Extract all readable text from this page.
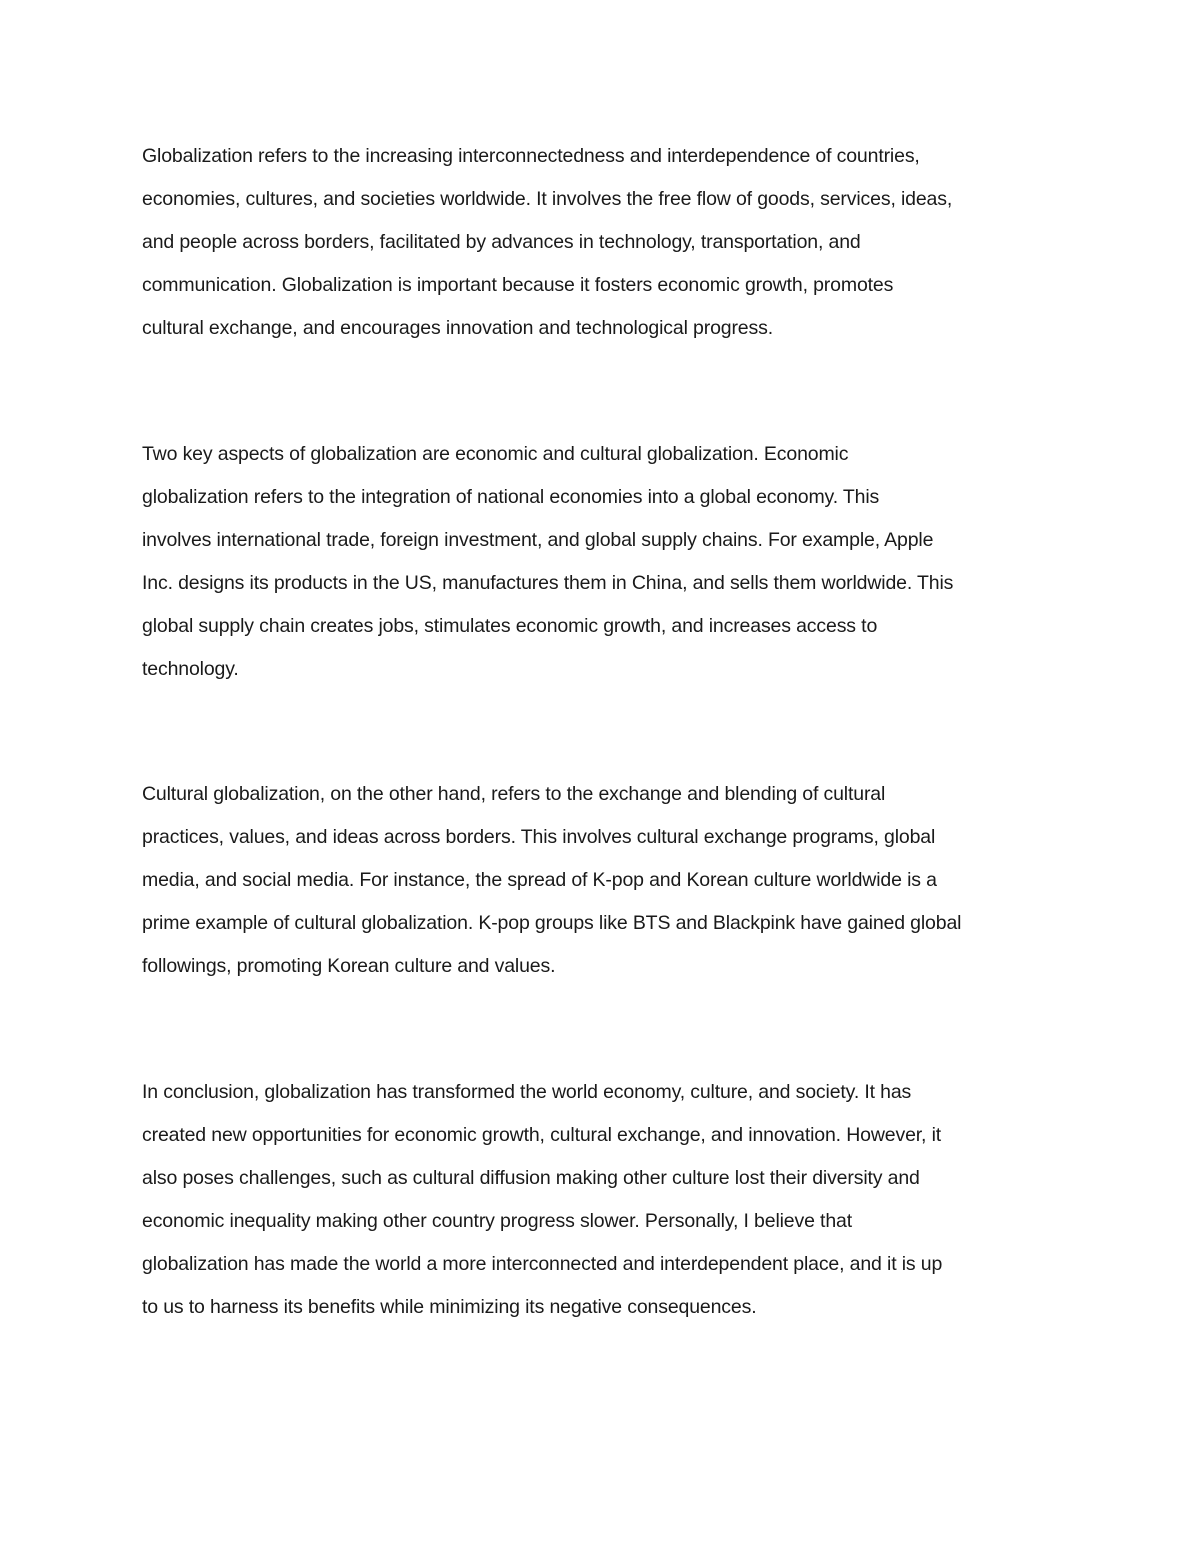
Globalization refers to the increasing interconnectedness and interdependence of countries,
economies, cultures, and societies worldwide. It involves the free flow of goods, services, ideas,
and people across borders, facilitated by advances in technology, transportation, and
communication. Globalization is important because it fosters economic growth, promotes
cultural exchange, and encourages innovation and technological progress.
Two key aspects of globalization are economic and cultural globalization. Economic
globalization refers to the integration of national economies into a global economy. This
involves international trade, foreign investment, and global supply chains. For example, Apple
Inc. designs its products in the US, manufactures them in China, and sells them worldwide. This
global supply chain creates jobs, stimulates economic growth, and increases access to
technology.
Cultural globalization, on the other hand, refers to the exchange and blending of cultural
practices, values, and ideas across borders. This involves cultural exchange programs, global
media, and social media. For instance, the spread of K-pop and Korean culture worldwide is a
prime example of cultural globalization. K-pop groups like BTS and Blackpink have gained global
followings, promoting Korean culture and values.
In conclusion, globalization has transformed the world economy, culture, and society. It has
created new opportunities for economic growth, cultural exchange, and innovation. However, it
also poses challenges, such as cultural diffusion making other culture lost their diversity and
economic inequality making other country progress slower. Personally, I believe that
globalization has made the world a more interconnected and interdependent place, and it is up
to us to harness its benefits while minimizing its negative consequences.
